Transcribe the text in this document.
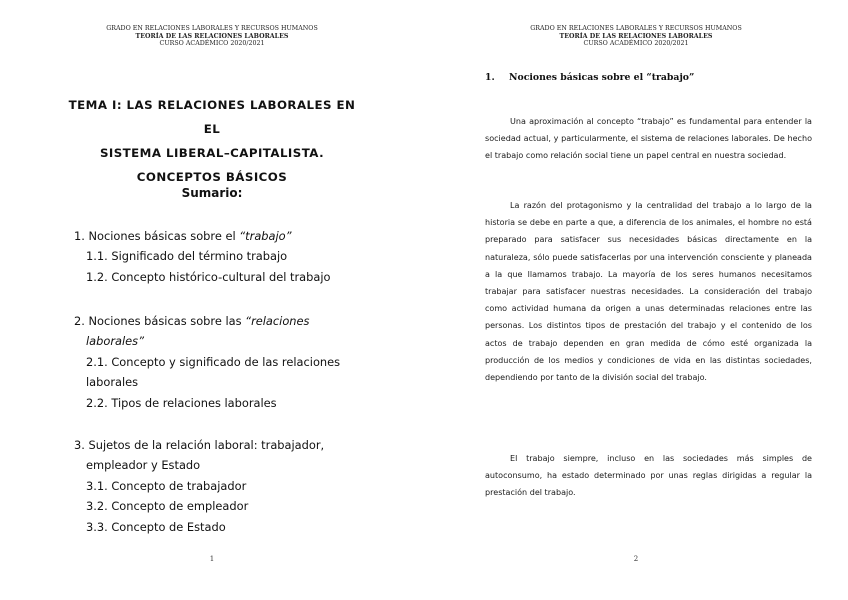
GRADO EN RELACIONES LABORALES Y RECURSOS HUMANOS
TEORÍA DE LAS RELACIONES LABORALES
CURSO ACADÉMICO 2020/2021
TEMA I: LAS RELACIONES LABORALES EN EL
SISTEMA LIBERAL–CAPITALISTA.
CONCEPTOS BÁSICOS
Sumario:
1. Nociones básicas sobre el “trabajo”
1.1. Significado del término trabajo
1.2. Concepto histórico-cultural del trabajo
2. Nociones básicas sobre las “relaciones
laborales”
2.1. Concepto y significado de las relaciones
laborales
2.2. Tipos de relaciones laborales
3. Sujetos de la relación laboral: trabajador,
empleador y Estado
3.1. Concepto de trabajador
3.2. Concepto de empleador
3.3. Concepto de Estado
1
GRADO EN RELACIONES LABORALES Y RECURSOS HUMANOS
TEORÍA DE LAS RELACIONES LABORALES
CURSO ACADÉMICO 2020/2021
1. Nociones básicas sobre el “trabajo”

Una aproximación al concepto “trabajo” es fundamental para entender la sociedad actual, y particularmente, el sistema de relaciones laborales. De hecho el trabajo como relación social tiene un papel central en nuestra sociedad.

La razón del protagonismo y la centralidad del trabajo a lo largo de la historia se debe en parte a que, a diferencia de los animales, el hombre no está preparado para satisfacer sus necesidades básicas directamente en la naturaleza, sólo puede satisfacerlas por una intervención consciente y planeada a la que llamamos trabajo. La mayoría de los seres humanos necesitamos trabajar para satisfacer nuestras necesidades. La consideración del trabajo como actividad humana da origen a unas determinadas relaciones entre las personas. Los distintos tipos de prestación del trabajo y el contenido de los actos de trabajo dependen en gran medida de cómo esté organizada la producción de los medios y condiciones de vida en las distintas sociedades, dependiendo por tanto de la división social del trabajo.

El trabajo siempre, incluso en las sociedades más simples de autoconsumo, ha estado determinado por unas reglas dirigidas a regular la prestación del trabajo.

2
